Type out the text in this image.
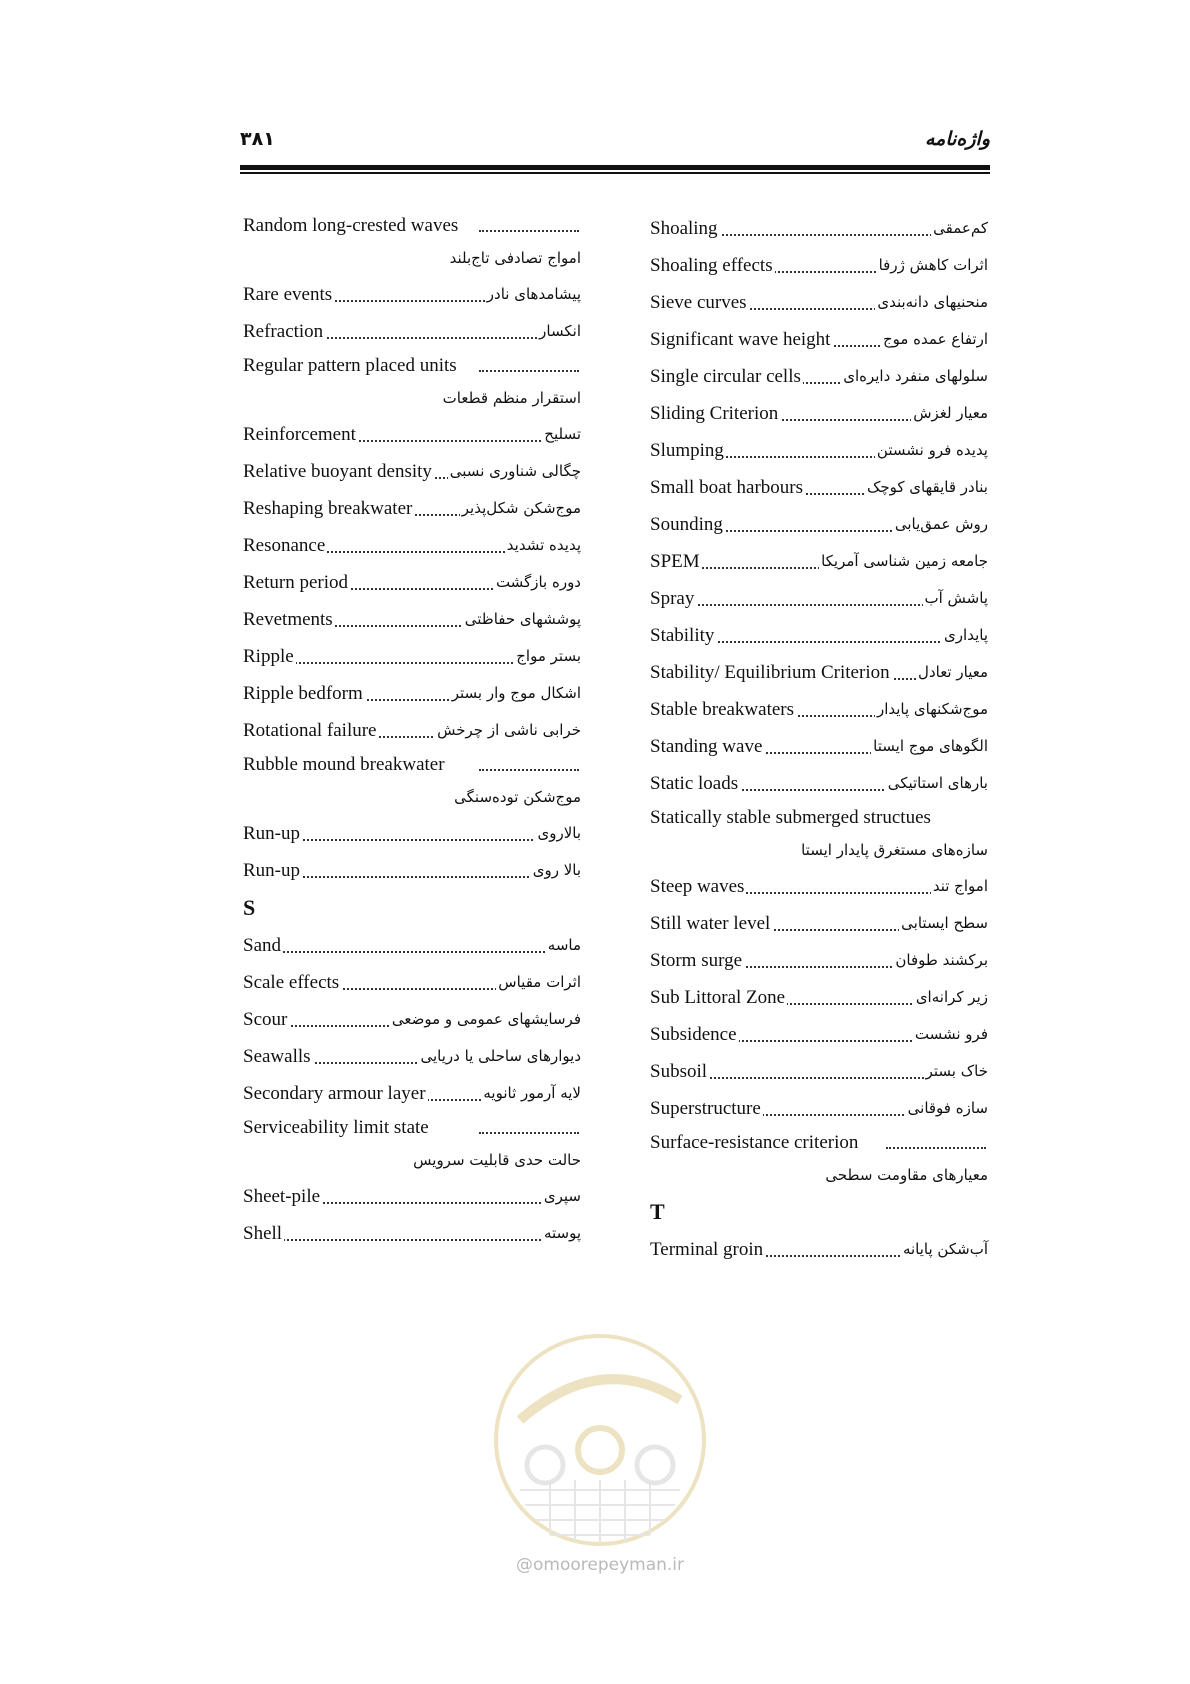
۳۸۱	واژه‌نامه
Random long-crested waves
امواج تصادفی تاج‌بلند
Rare events	پیشامدهای نادر
Refraction	انکسار
Regular pattern placed units
استقرار منظم قطعات
Reinforcement	تسلیح
Relative buoyant density چگالی شناوری نسبی
Reshaping breakwater	موج‌شکن شکل‌پذیر
Resonance	پدیده تشدید
Return period	دوره بازگشت
Revetments	پوششهای حفاظتی
Ripple	بستر مواج
Ripple bedform	اشکال موج وار بستر
Rotational failure	خرابی ناشی از چرخش
Rubble mound breakwater
موج‌شکن توده‌سنگی
Run-up	بالاروی
Run-up	بالا روی
S
Sand	ماسه
Scale effects	اثرات مقیاس
Scour	فرسایشهای عمومی و موضعی
Seawalls	دیوارهای ساحلی یا دریایی
Secondary armour layer	لایه آرمور ثانویه
Serviceability limit state
حالت حدی قابلیت سرویس
Sheet-pile	سپری
Shell	پوسته
Shoaling	کم‌عمقی
Shoaling effects	اثرات کاهش ژرفا
Sieve curves	منحنیهای دانه‌بندی
Significant wave height	ارتفاع عمده موج
Single circular cells	سلولهای منفرد دایره‌ای
Sliding Criterion	معیار لغزش
Slumping	پدیده فرو نشستن
Small boat harbours	بنادر قایقهای کوچک
Sounding	روش عمق‌یابی
SPEM	جامعه زمین شناسی آمریکا
Spray	پاشش آب
Stability	پایداری
Stability/ Equilibrium Criterion معیار تعادل
Stable breakwaters	موج‌شکنهای پایدار
Standing wave	الگوهای موج ایستا
Static loads	بارهای استاتیکی
Statically stable submerged structues
سازه‌های مستغرق پایدار ایستا
Steep waves	امواج تند
Still water level	سطح ایستابی
Storm surge	برکشند طوفان
Sub Littoral Zone	زیر کرانه‌ای
Subsidence	فرو نشست
Subsoil	خاک بستر
Superstructure	سازه فوقانی
Surface-resistance criterion
معیارهای مقاومت سطحی
T
Terminal groin	آب‌شکن پایانه
@omoorepeyman.ir
